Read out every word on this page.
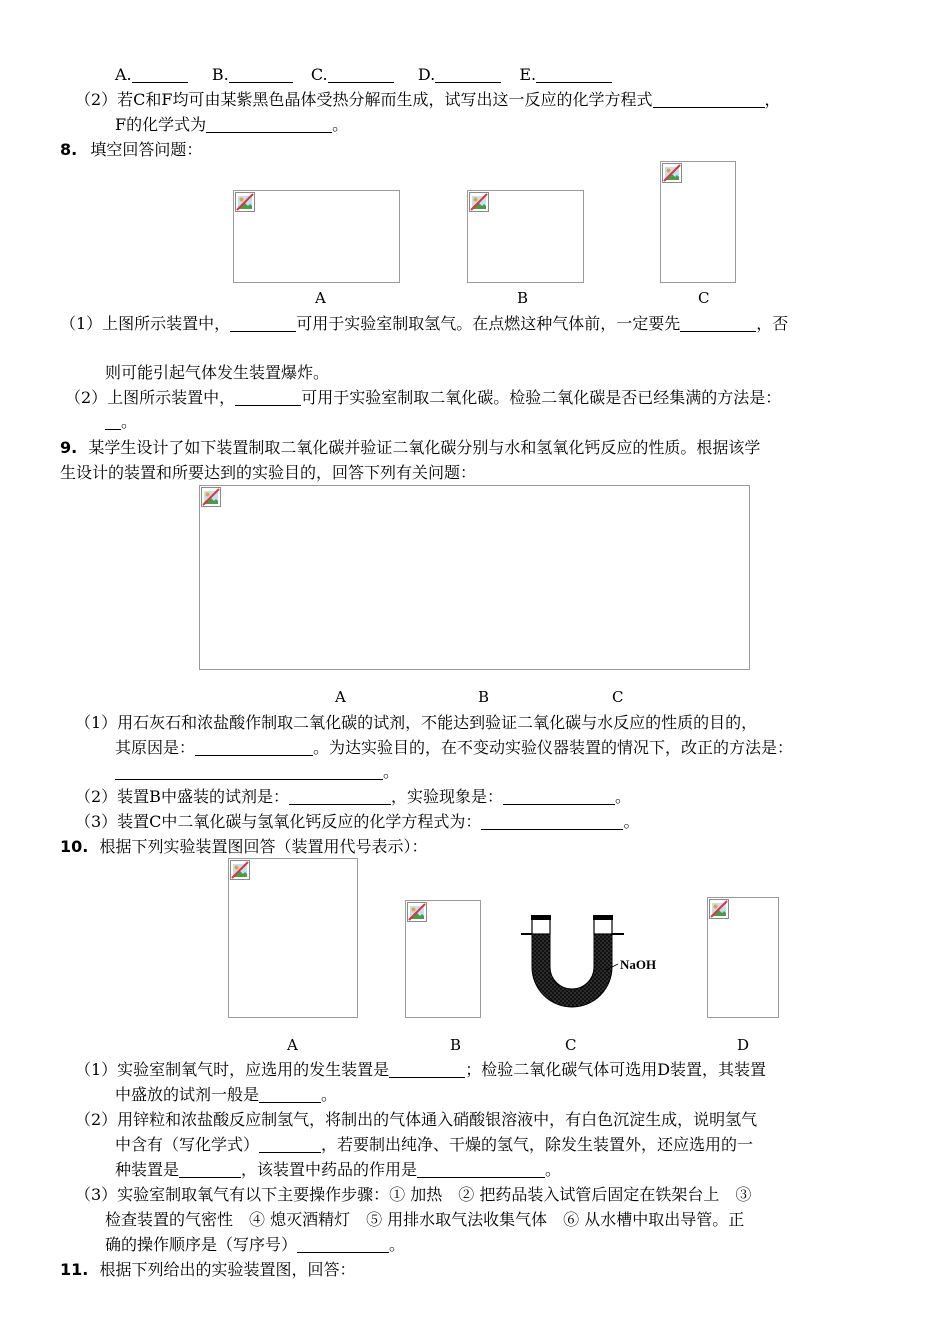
A.	B.	C.	D.	E.
（2）若C和F均可由某紫黑色晶体受热分解而生成，试写出这一反应的化学方程式	，
F的化学式为	。
8. 填空回答问题：
A	B	C
（1）上图所示装置中，	可用于实验室制取氢气。在点燃这种气体前，一定要先	，否
则可能引起气体发生装置爆炸。
（2）上图所示装置中，	可用于实验室制取二氧化碳。检验二氧化碳是否已经集满的方法是：
。
9. 某学生设计了如下装置制取二氧化碳并验证二氧化碳分别与水和氢氧化钙反应的性质。根据该学
生设计的装置和所要达到的实验目的，回答下列有关问题：
A	B	C
（1）用石灰石和浓盐酸作制取二氧化碳的试剂，不能达到验证二氧化碳与水反应的性质的目的，
其原因是：	。为达实验目的，在不变动实验仪器装置的情况下，改正的方法是：
。
（2）装置B中盛装的试剂是：	，实验现象是：	。
（3）装置C中二氧化碳与氢氧化钙反应的化学方程式为：	。
10. 根据下列实验装置图回答（装置用代号表示）：
NaOH
A	B	C	D
（1）实验室制氧气时，应选用的发生装置是	；检验二氧化碳气体可选用D装置，其装置
中盛放的试剂一般是	。
（2）用锌粒和浓盐酸反应制氢气，将制出的气体通入硝酸银溶液中，有白色沉淀生成，说明氢气
中含有（写化学式）	，若要制出纯净、干燥的氢气，除发生装置外，还应选用的一
种装置是	，该装置中药品的作用是	。
（3）实验室制取氧气有以下主要操作步骤：① 加热　② 把药品装入试管后固定在铁架台上　③
检查装置的气密性　④ 熄灭酒精灯　⑤ 用排水取气法收集气体　⑥ 从水槽中取出导管。正
确的操作顺序是（写序号）	。
11. 根据下列给出的实验装置图，回答：
